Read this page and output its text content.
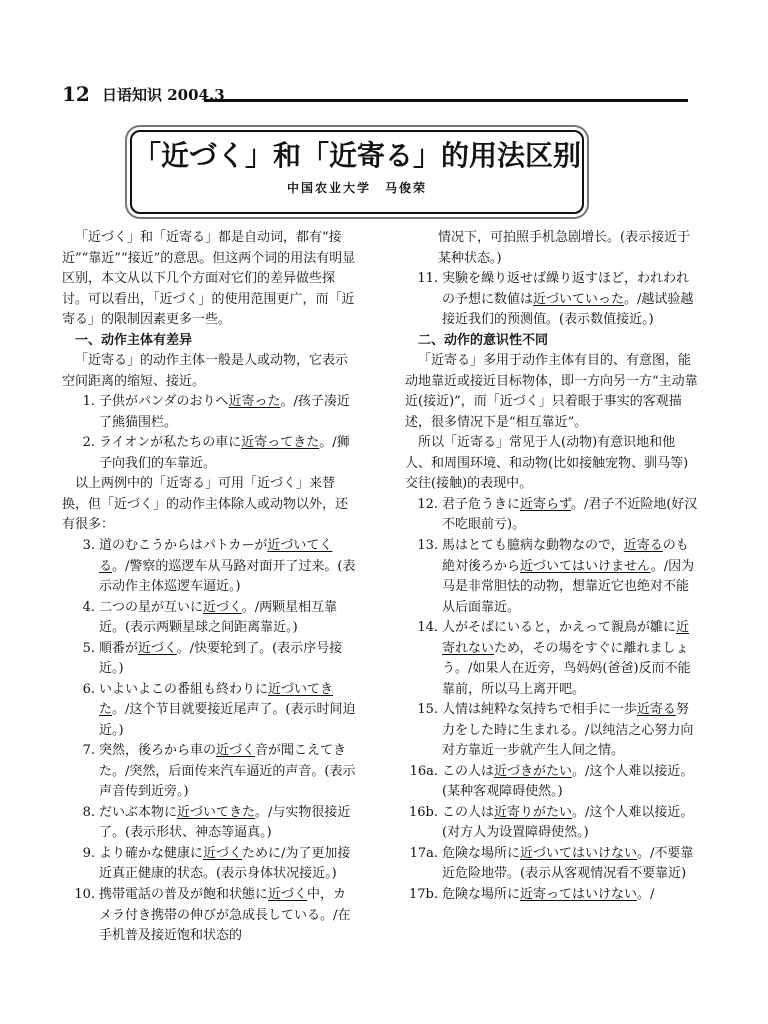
12 日语知识 2004.3
「近づく」和「近寄る」的用法区别
中国农业大学　马俊荣

「近づく」和「近寄る」都是自动词，都有“接近”“靠近”“接近”的意思。但这两个词的用法有明显区别，本文从以下几个方面对它们的差异做些探讨。可以看出，「近づく」的使用范围更广，而「近寄る」的限制因素更多一些。

一、动作主体有差异

「近寄る」的动作主体一般是人或动物，它表示空间距离的缩短、接近。

1. 子供がパンダのおりへ近寄った。/孩子凑近了熊猫围栏。
2. ライオンが私たちの車に近寄ってきた。/狮子向我们的车靠近。

以上两例中的「近寄る」可用「近づく」来替换，但「近づく」的动作主体除人或动物以外，还有很多：

3. 道のむこうからはパトカーが近づいてくる。/警察的巡逻车从马路对面开了过来。(表示动作主体巡逻车逼近。)
4. 二つの星が互いに近づく。/两颗星相互靠近。(表示两颗星球之间距离靠近。)
5. 順番が近づく。/快要轮到了。(表示序号接近。)
6. いよいよこの番組も終わりに近づいてきた。/这个节目就要接近尾声了。(表示时间迫近。)
7. 突然，後ろから車の近づく音が聞こえてきた。/突然，后面传来汽车逼近的声音。(表示声音传到近旁。)
8. だいぶ本物に近づいてきた。/与实物很接近了。(表示形状、神态等逼真。)
9. より確かな健康に近づくために/为了更加接近真正健康的状态。(表示身体状况接近。)
10. 携帯電話の普及が飽和状態に近づく中，カメラ付き携帯の伸びが急成長している。/在手机普及接近饱和状态的

情况下，可拍照手机急剧增长。(表示接近于某种状态。)

11. 実験を繰り返せば繰り返すほど，われわれの予想に数値は近づいていった。/越试验越接近我们的预测值。(表示数值接近。)

二、动作的意识性不同

「近寄る」多用于动作主体有目的、有意图，能动地靠近或接近目标物体，即一方向另一方“主动靠近(接近)”，而「近づく」只着眼于事实的客观描述，很多情况下是“相互靠近”。

所以「近寄る」常见于人(动物)有意识地和他人、和周围环境、和动物(比如接触宠物、驯马等)交往(接触)的表现中。

12. 君子危うきに近寄らず。/君子不近险地(好汉不吃眼前亏)。
13. 馬はとても臆病な動物なので，近寄るのも絶対後ろから近づいてはいけません。/因为马是非常胆怯的动物，想靠近它也绝对不能从后面靠近。
14. 人がそばにいると，かえって親鳥が雛に近寄れないため，その場をすぐに離れましょう。/如果人在近旁，鸟妈妈(爸爸)反而不能靠前，所以马上离开吧。
15. 人情は純粋な気持ちで相手に一歩近寄る努力をした時に生まれる。/以纯洁之心努力向对方靠近一步就产生人间之情。
16a. この人は近づきがたい。/这个人难以接近。(某种客观障碍使然。)
16b. この人は近寄りがたい。/这个人难以接近。(对方人为设置障碍使然。)
17a. 危険な場所に近づいてはいけない。/不要靠近危险地带。(表示从客观情况看不要靠近)
17b. 危険な場所に近寄ってはいけない。/
